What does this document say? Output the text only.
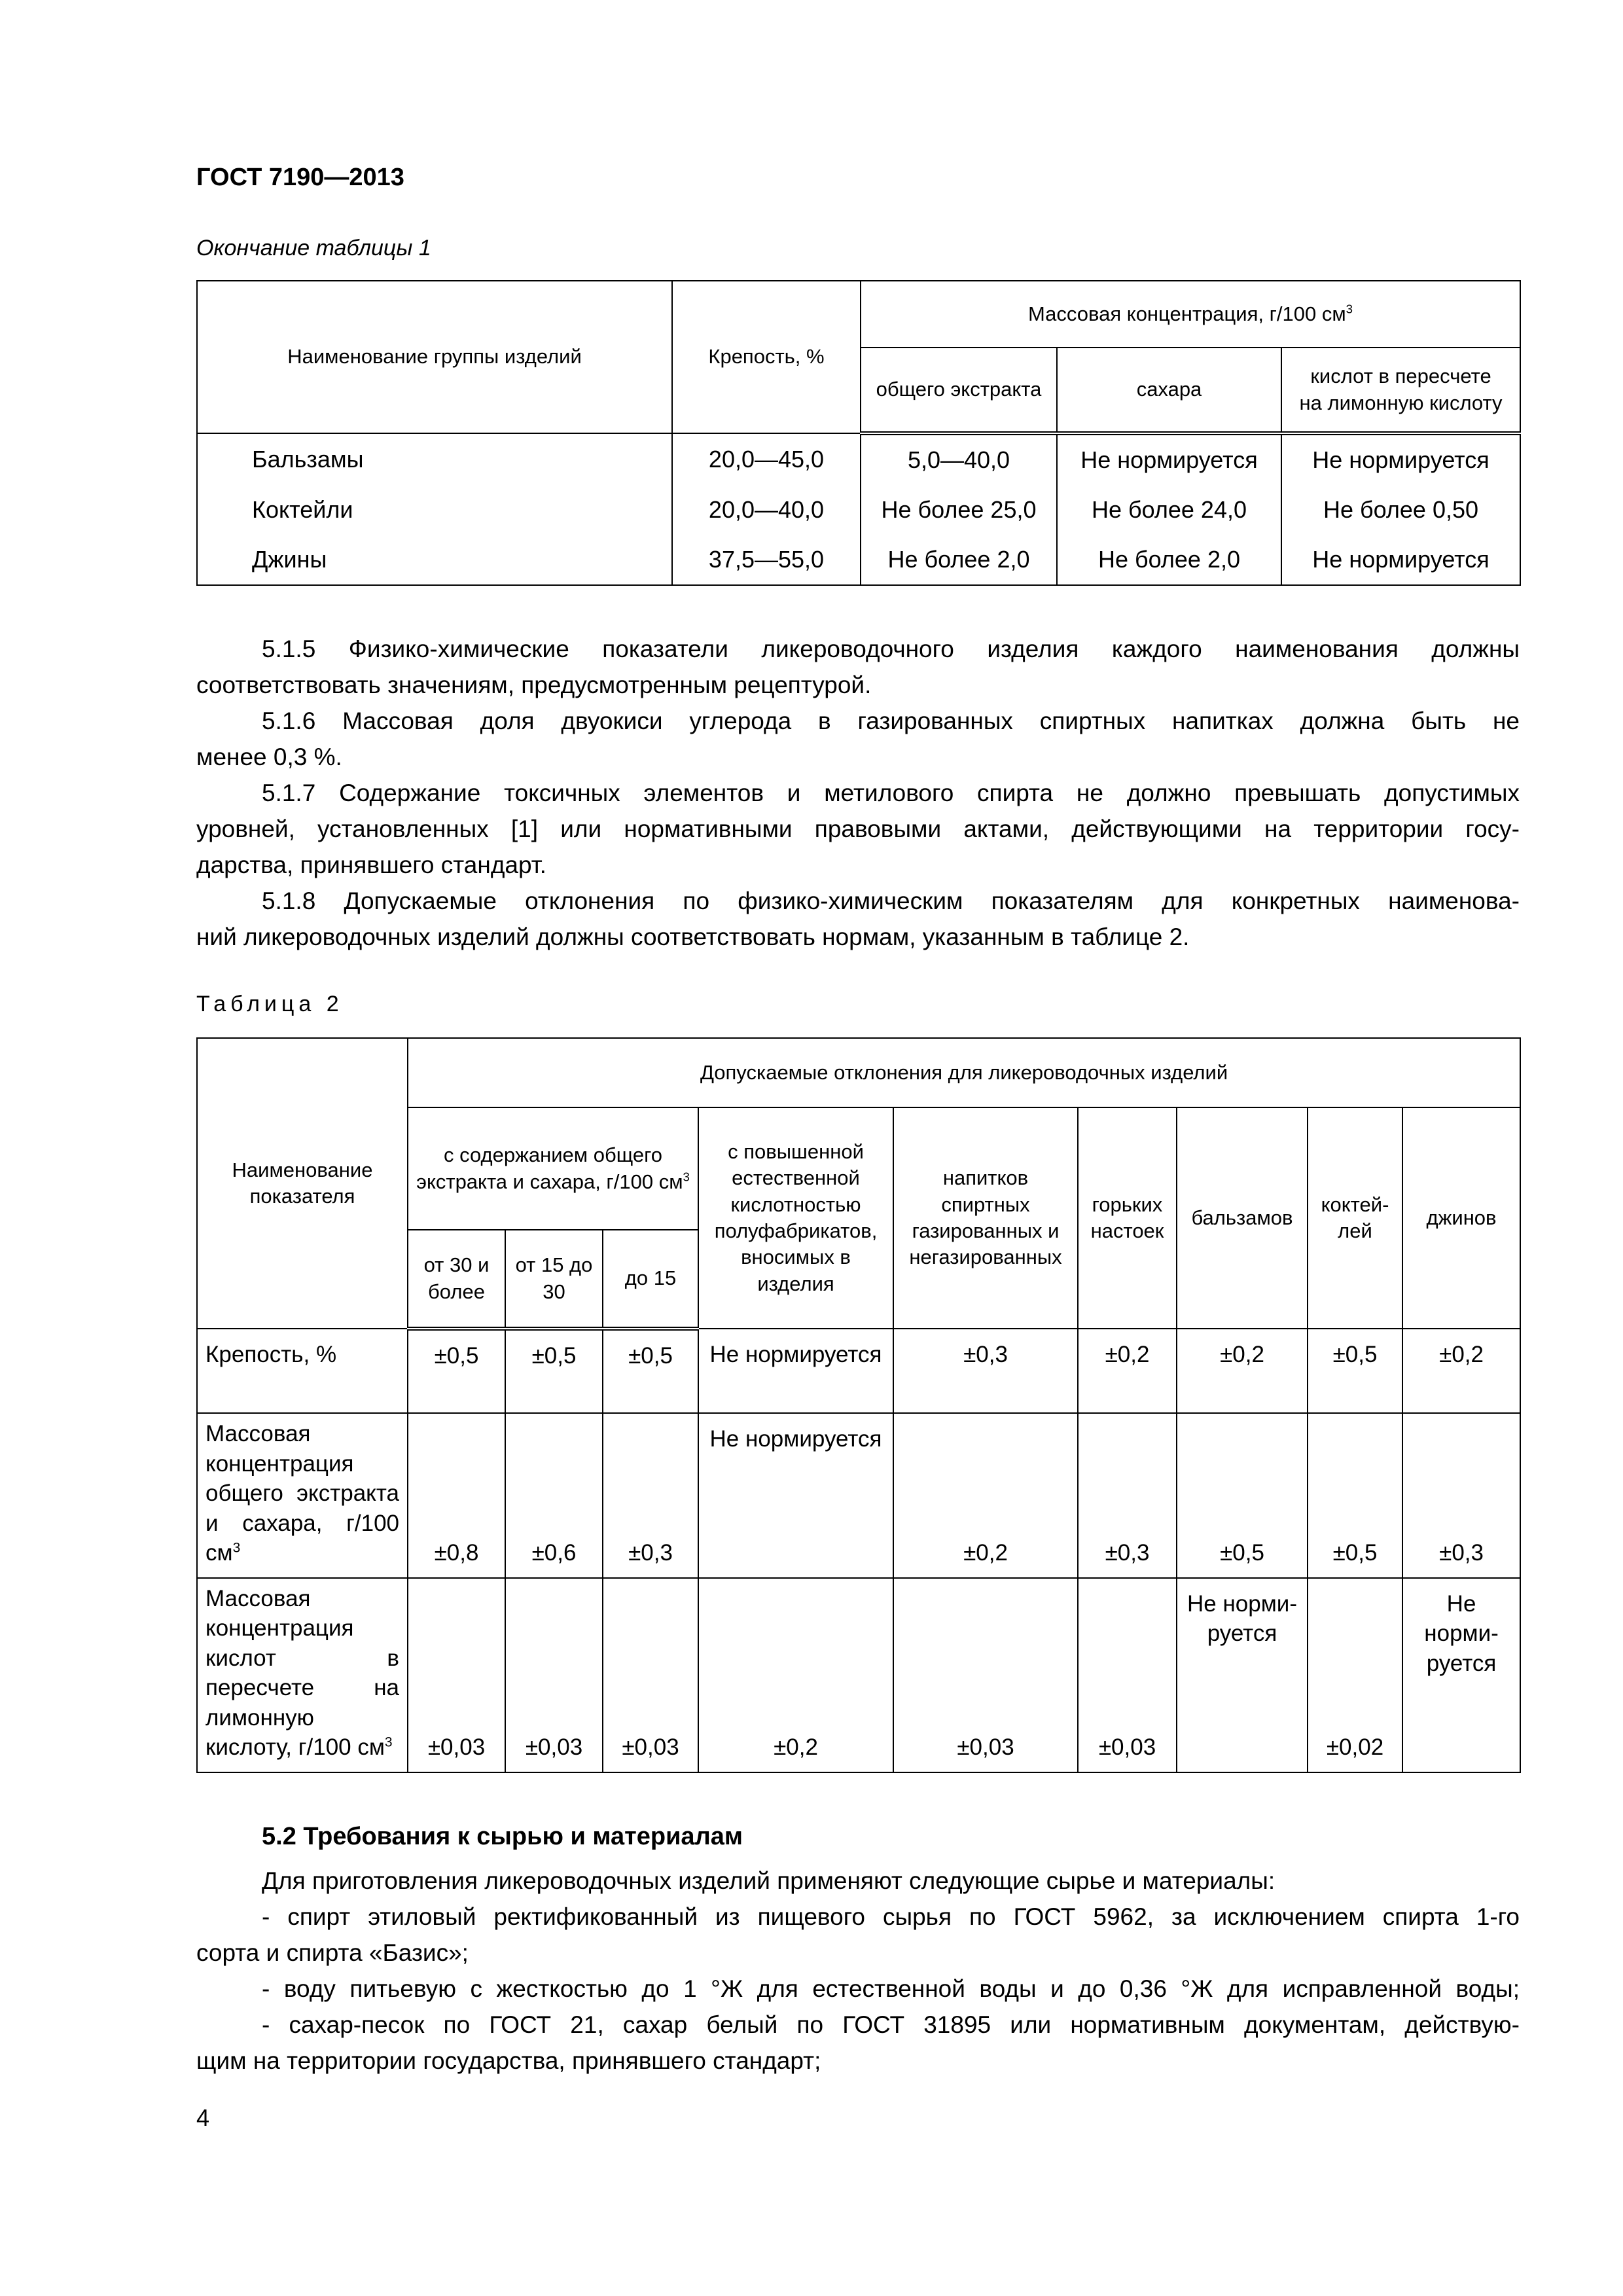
ГОСТ 7190—2013
Окончание таблицы 1
Наименование группы изделий	Крепость, %	Массовая концентрация, г/100 $см^3$
		общего экстракта	сахара	кислот в пересчете
на лимонную кислоту
Бальзамы	20,0—45,0	5,0—40,0	Не нормируется	Не нормируется
Коктейли	20,0—40,0	Не более 25,0	Не более 24,0	Не более 0,50
Джины	37,5—55,0	Не более 2,0	Не более 2,0	Не нормируется
5.1.5 Физико-химические показатели ликероводочного изделия каждого наименования должны
соответствовать значениям, предусмотренным рецептурой.
5.1.6 Массовая доля двуокиси углерода в газированных спиртных напитках должна быть не
менее 0,3 %.
5.1.7 Содержание токсичных элементов и метилового спирта не должно превышать допустимых
уровней, установленных [1] или нормативными правовыми актами, действующими на территории госу-
дарства, принявшего стандарт.
5.1.8 Допускаемые отклонения по физико-химическим показателям для конкретных наименова-
ний ликероводочных изделий должны соответствовать нормам, указанным в таблице 2.
Таблица 2
Наименование показателя	Допускаемые отклонения для ликероводочных изделий								
	с содержанием общего экстракта и сахара, г/100 $см^3$			с повышенной естественной кислотностью полуфабрикатов, вносимых в изделия	напитков спиртных газированных и негазированных	горьких настоек	бальзамов	коктей-лей	джинов
	от 30 и более	от 15 до 30	до 15						
Крепость, %	±0,5	±0,5	±0,5	Не нормируется	±0,3	±0,2	±0,2	±0,5	±0,2
Массовая концентрация общего экстракта и сахара, г/100 $см^3$	±0,8	±0,6	±0,3	Не нормируется	±0,2	±0,3	±0,5	±0,5	±0,3
Массовая концентрация кислот в пересчете на лимонную кислоту, г/100 $см^3$	±0,03	±0,03	±0,03	±0,2	±0,03	±0,03	Не норми-руется	±0,02	Не норми-руется
5.2 Требования к сырью и материалам
Для приготовления ликероводочных изделий применяют следующие сырье и материалы:
- спирт этиловый ректификованный из пищевого сырья по ГОСТ 5962, за исключением спирта 1-го
сорта и спирта «Базис»;
- воду питьевую с жесткостью до 1 °Ж для естественной воды и до 0,36 °Ж для исправленной воды;
- сахар-песок по ГОСТ 21, сахар белый по ГОСТ 31895 или нормативным документам, действую-
щим на территории государства, принявшего стандарт;
4
